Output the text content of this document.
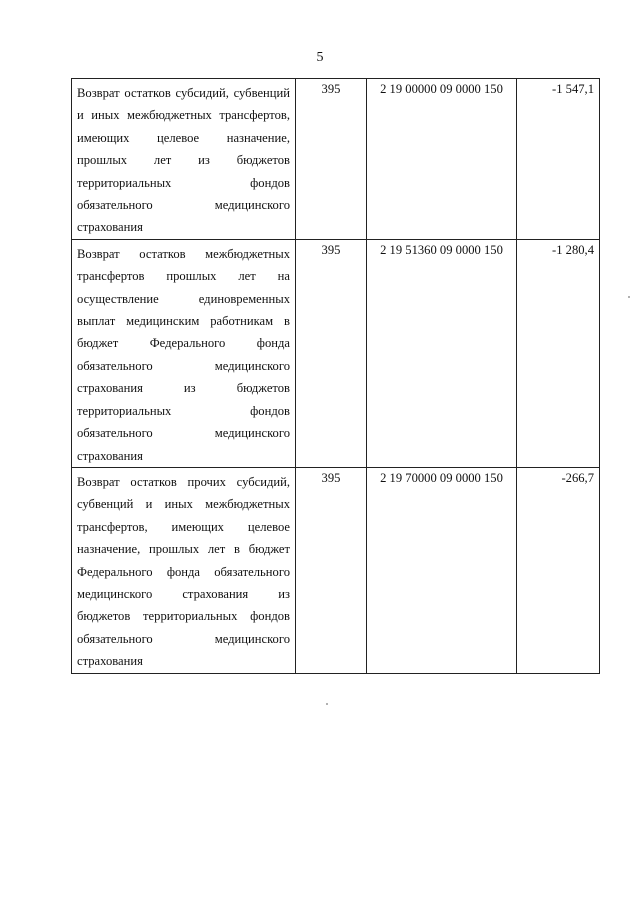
5
Возврат остатков субсидий, субвенций и иных межбюджетных трансфертов, имеющих целевое назначение, прошлых лет из бюджетов территориальных фондов обязательного медицинского
страхования	395	2 19 00000 09 0000 150	-1 547,1
Возврат остатков межбюджетных трансфертов прошлых лет на осуществление единовременных выплат медицинским работникам в бюджет Федерального фонда обязательного медицинского страхования из бюджетов территориальных фондов обязательного медицинского
страхования	395	2 19 51360 09 0000 150	-1 280,4
Возврат остатков прочих субсидий, субвенций и иных межбюджетных трансфертов, имеющих целевое назначение, прошлых лет в бюджет Федерального фонда обязательного медицинского страхования из бюджетов территориальных фондов обязательного медицинского
страхования	395	2 19 70000 09 0000 150	-266,7
